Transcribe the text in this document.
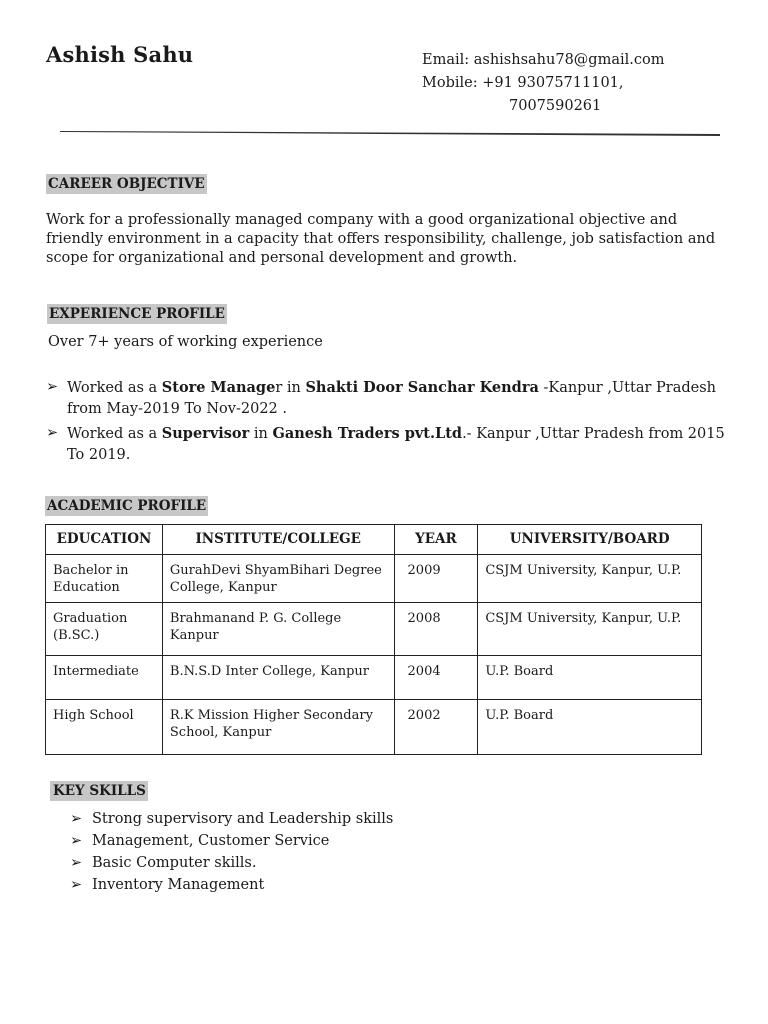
Ashish Sahu	Email: ashishsahu78@gmail.com
Mobile: +91 93075711101,
7007590261
CAREER OBJECTIVE
Work for a professionally managed company with a good organizational objective and friendly environment in a capacity that offers responsibility, challenge, job satisfaction and scope for organizational and personal development and growth.
EXPERIENCE PROFILE
Over 7+ years of working experience
➢ Worked as a Store Manager in Shakti Door Sanchar Kendra -Kanpur ,Uttar Pradesh from May-2019 To Nov-2022 .
➢ Worked as a Supervisor in Ganesh Traders pvt.Ltd.- Kanpur ,Uttar Pradesh from 2015 To 2019.
ACADEMIC PROFILE
EDUCATION	INSTITUTE/COLLEGE	YEAR	UNIVERSITY/BOARD
Bachelor in Education	GurahDevi ShyamBihari Degree College, Kanpur	2009	CSJM University, Kanpur, U.P.
Graduation (B.SC.)	Brahmanand P. G. College Kanpur	2008	CSJM University, Kanpur, U.P.
Intermediate	B.N.S.D Inter College, Kanpur	2004	U.P. Board
High School	R.K Mission Higher Secondary School, Kanpur	2002	U.P. Board
KEY SKILLS
➢ Strong supervisory and Leadership skills
➢ Management, Customer Service
➢ Basic Computer skills.
➢ Inventory Management
